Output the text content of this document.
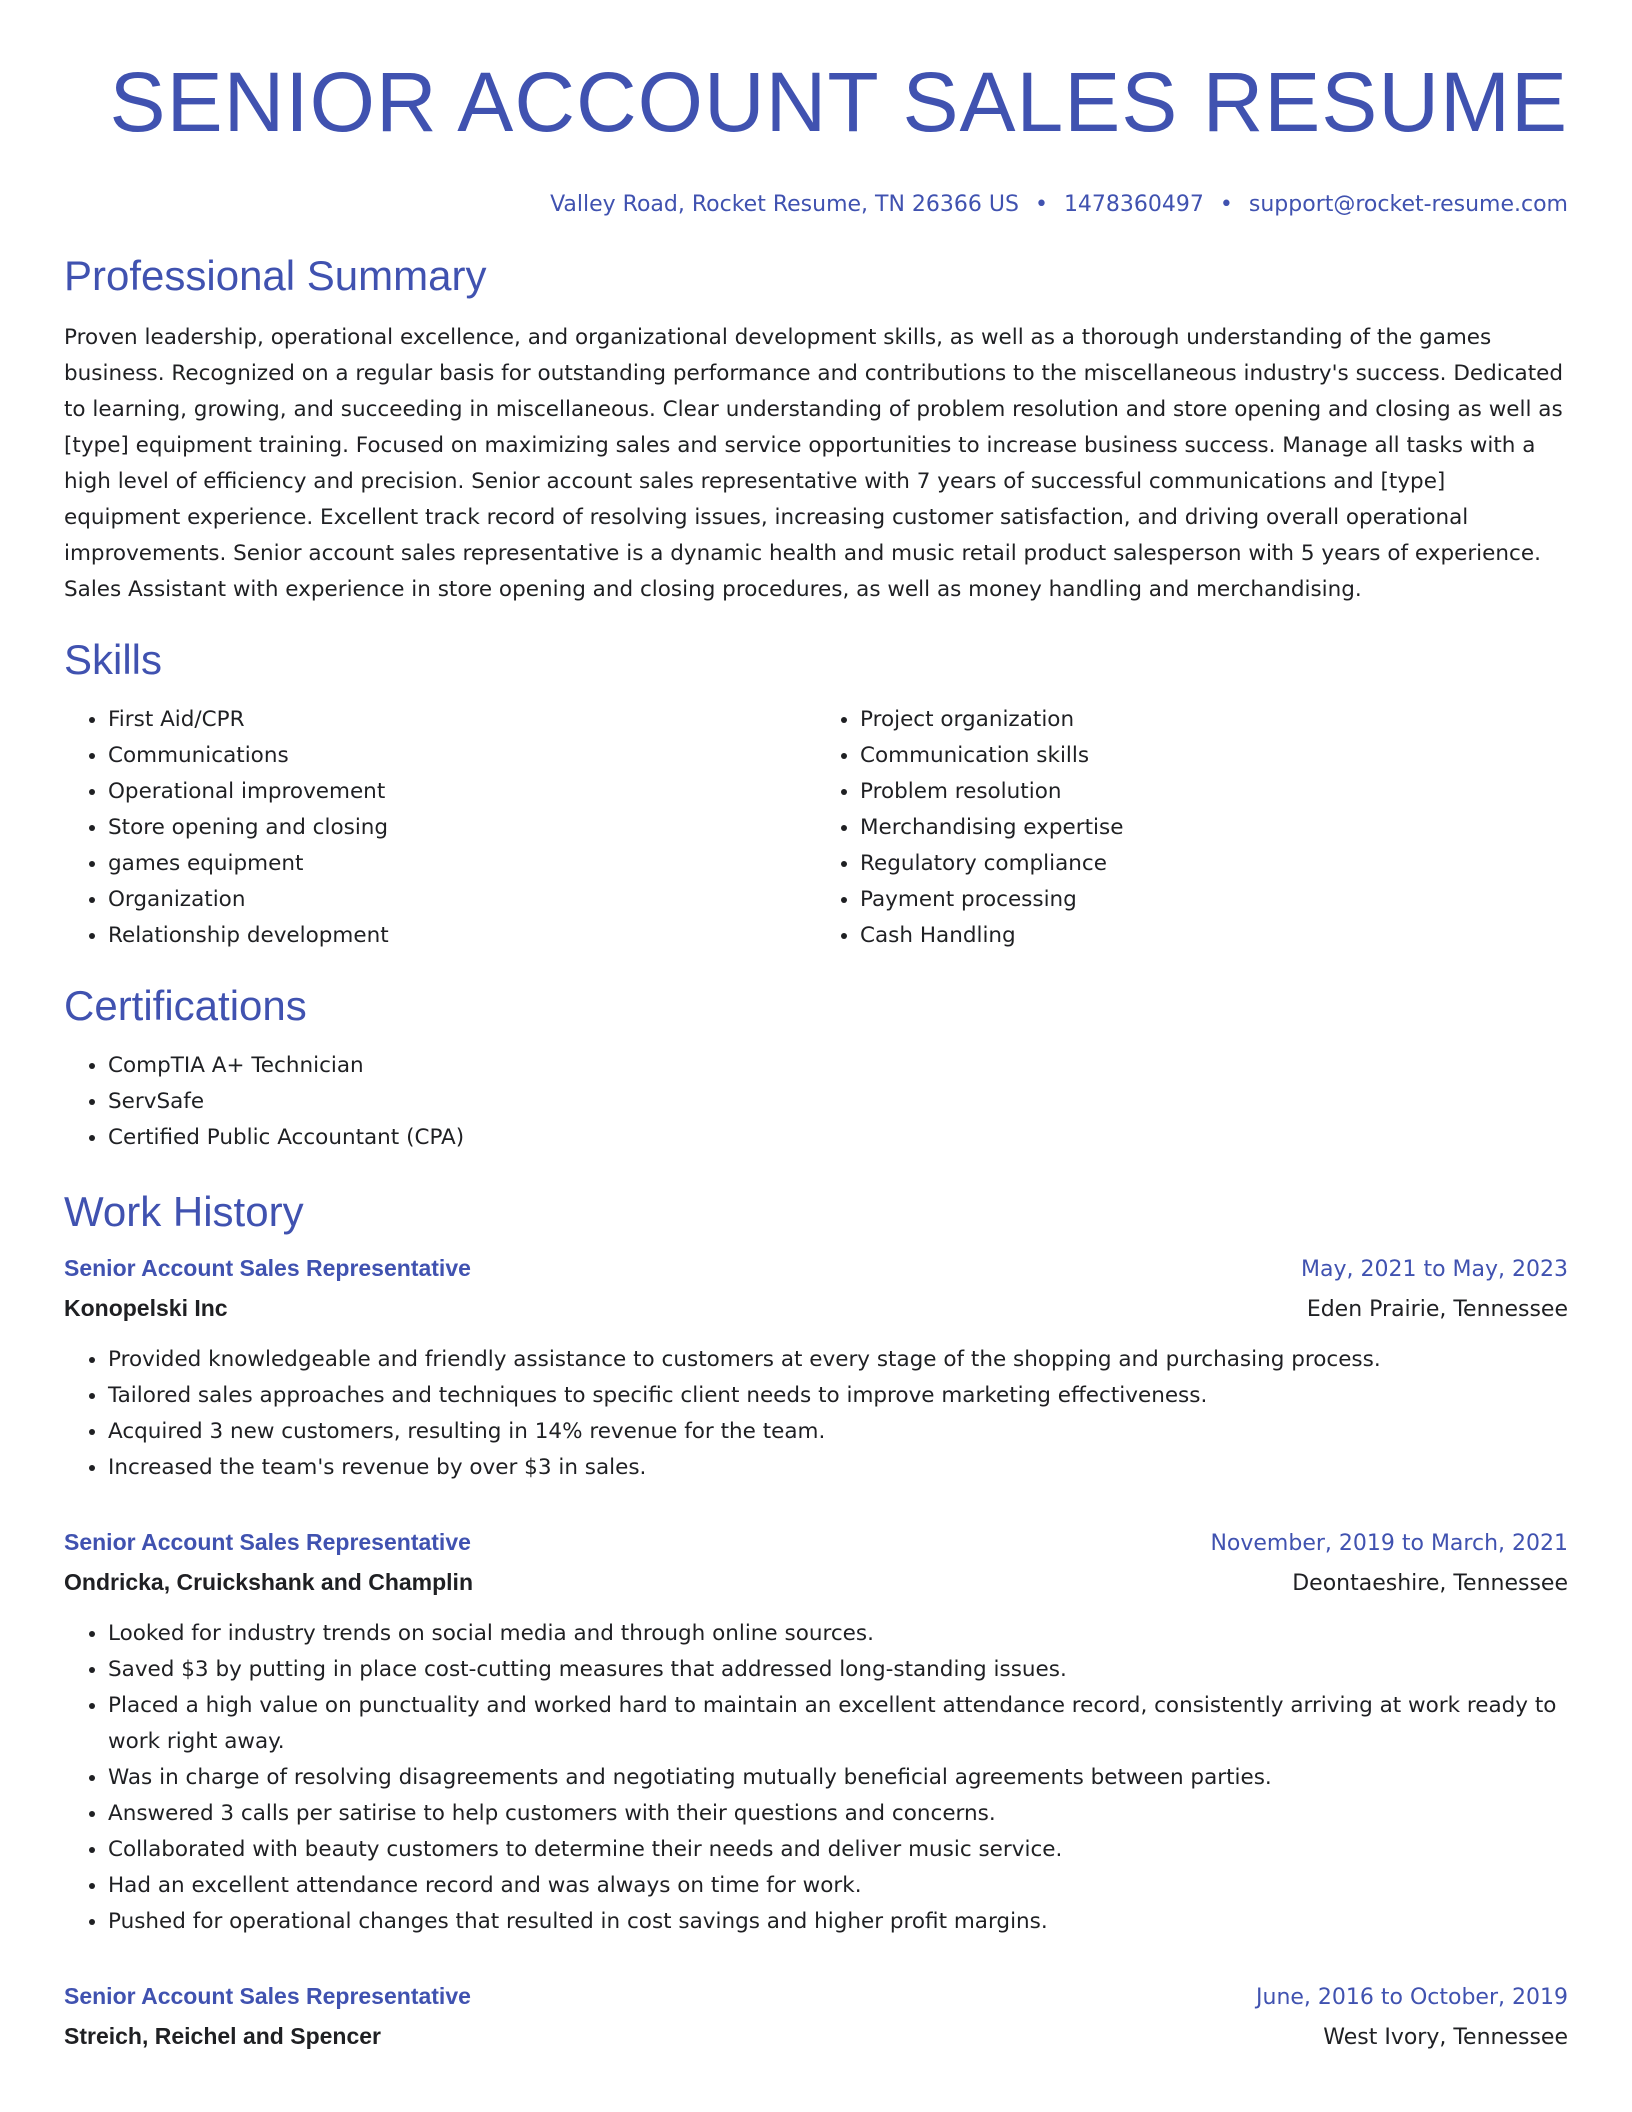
SENIOR ACCOUNT SALES RESUME
Valley Road, Rocket Resume, TN 26366 US • 1478360497 • support@rocket-resume.com
Professional Summary

Proven leadership, operational excellence, and organizational development skills, as well as a thorough understanding of the games business. Recognized on a regular basis for outstanding performance and contributions to the miscellaneous industry's success. Dedicated to learning, growing, and succeeding in miscellaneous. Clear understanding of problem resolution and store opening and closing as well as [type] equipment training. Focused on maximizing sales and service opportunities to increase business success. Manage all tasks with a high level of efficiency and precision. Senior account sales representative with 7 years of successful communications and [type] equipment experience. Excellent track record of resolving issues, increasing customer satisfaction, and driving overall operational improvements. Senior account sales representative is a dynamic health and music retail product salesperson with 5 years of experience. Sales Assistant with experience in store opening and closing procedures, as well as money handling and merchandising.

Skills
• First Aid/CPR
• Communications
• Operational improvement
• Store opening and closing
• games equipment
• Organization
• Relationship development
• Project organization
• Communication skills
• Problem resolution
• Merchandising expertise
• Regulatory compliance
• Payment processing
• Cash Handling
Certifications
• CompTIA A+ Technician
• ServSafe
• Certified Public Accountant (CPA)
Work History
Senior Account Sales Representative	May, 2021 to May, 2023
Konopelski Inc	Eden Prairie, Tennessee
• Provided knowledgeable and friendly assistance to customers at every stage of the shopping and purchasing process.
• Tailored sales approaches and techniques to specific client needs to improve marketing effectiveness.
• Acquired 3 new customers, resulting in 14% revenue for the team.
• Increased the team's revenue by over $3 in sales.
Senior Account Sales Representative	November, 2019 to March, 2021
Ondricka, Cruickshank and Champlin	Deontaeshire, Tennessee
• Looked for industry trends on social media and through online sources.
• Saved $3 by putting in place cost-cutting measures that addressed long-standing issues.
• Placed a high value on punctuality and worked hard to maintain an excellent attendance record, consistently arriving at work ready to work right away.
• Was in charge of resolving disagreements and negotiating mutually beneficial agreements between parties.
• Answered 3 calls per satirise to help customers with their questions and concerns.
• Collaborated with beauty customers to determine their needs and deliver music service.
• Had an excellent attendance record and was always on time for work.
• Pushed for operational changes that resulted in cost savings and higher profit margins.
Senior Account Sales Representative	June, 2016 to October, 2019
Streich, Reichel and Spencer	West Ivory, Tennessee
